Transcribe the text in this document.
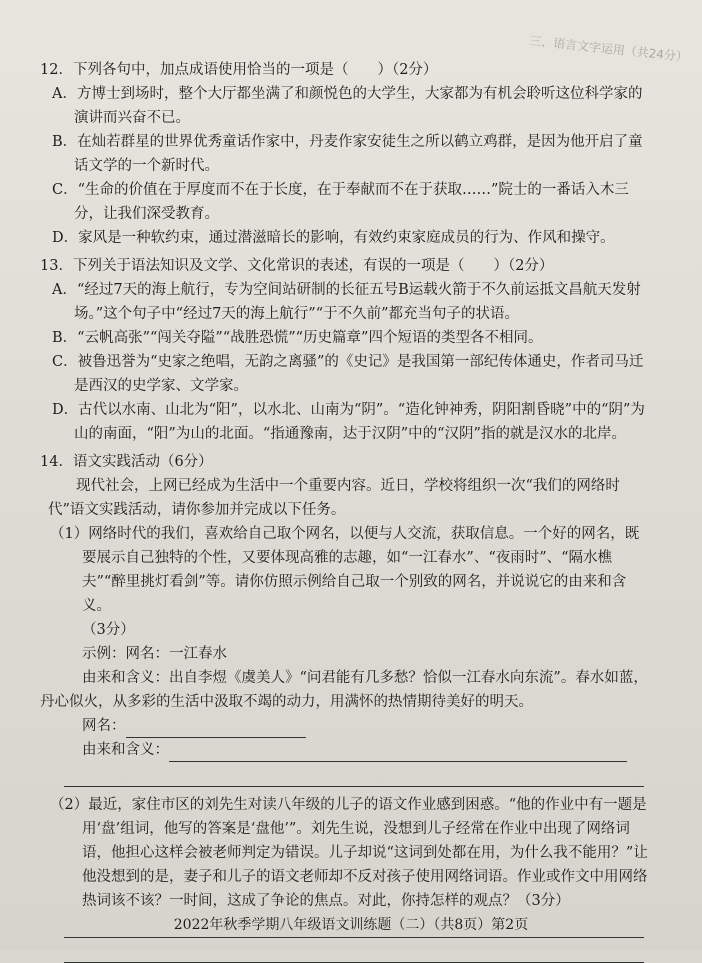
三、语言文字运用（共24分）
12．下列各句中，加点成语使用恰当的一项是（　　）（2分）
A．方博士到场时，整个大厅都坐满了和颜悦色的大学生，大家都为有机会聆听这位科学家的演讲而兴奋不已。
B．在灿若群星的世界优秀童话作家中，丹麦作家安徒生之所以鹤立鸡群，是因为他开启了童话文学的一个新时代。
C．“生命的价值在于厚度而不在于长度，在于奉献而不在于获取……”院士的一番话入木三分，让我们深受教育。
D．家风是一种软约束，通过潜滋暗长的影响，有效约束家庭成员的行为、作风和操守。
13．下列关于语法知识及文学、文化常识的表述，有误的一项是（　　）（2分）
A．“经过7天的海上航行，专为空间站研制的长征五号B运载火箭于不久前运抵文昌航天发射场。”这个句子中“经过7天的海上航行”“于不久前”都充当句子的状语。
B．“云帆高张”“闯关夺隘”“战胜恐慌”“历史篇章”四个短语的类型各不相同。
C．被鲁迅誉为“史家之绝唱，无韵之离骚”的《史记》是我国第一部纪传体通史，作者司马迁是西汉的史学家、文学家。
D．古代以水南、山北为“阳”，以水北、山南为“阴”。“造化钟神秀，阴阳割昏晓”中的“阴”为山的南面，“阳”为山的北面。“指通豫南，达于汉阴”中的“汉阴”指的就是汉水的北岸。
14．语文实践活动（6分）
现代社会，上网已经成为生活中一个重要内容。近日，学校将组织一次“我们的网络时代”语文实践活动，请你参加并完成以下任务。
（1）网络时代的我们，喜欢给自己取个网名，以便与人交流，获取信息。一个好的网名，既要展示自己独特的个性，又要体现高雅的志趣，如“一江春水”、“夜雨时”、“隔水樵夫”“醉里挑灯看剑”等。请你仿照示例给自己取一个别致的网名，并说说它的由来和含义。
（3分）
示例：网名：一江春水
由来和含义：出自李煜《虞美人》“问君能有几多愁？恰似一江春水向东流”。春水如蓝，
丹心似火，从多彩的生活中汲取不竭的动力，用满怀的热情期待美好的明天。
网名：
由来和含义：
（2）最近，家住市区的刘先生对读八年级的儿子的语文作业感到困惑。“他的作业中有一题是用‘盘’组词，他写的答案是‘盘他’”。刘先生说，没想到儿子经常在作业中出现了网络词语，他担心这样会被老师判定为错误。儿子却说“这词到处都在用，为什么我不能用？”让他没想到的是，妻子和儿子的语文老师却不反对孩子使用网络词语。作业或作文中用网络热词该不该？一时间，这成了争论的焦点。对此，你持怎样的观点？（3分）
2022年秋季学期八年级语文训练题（二）（共8页）第2页
